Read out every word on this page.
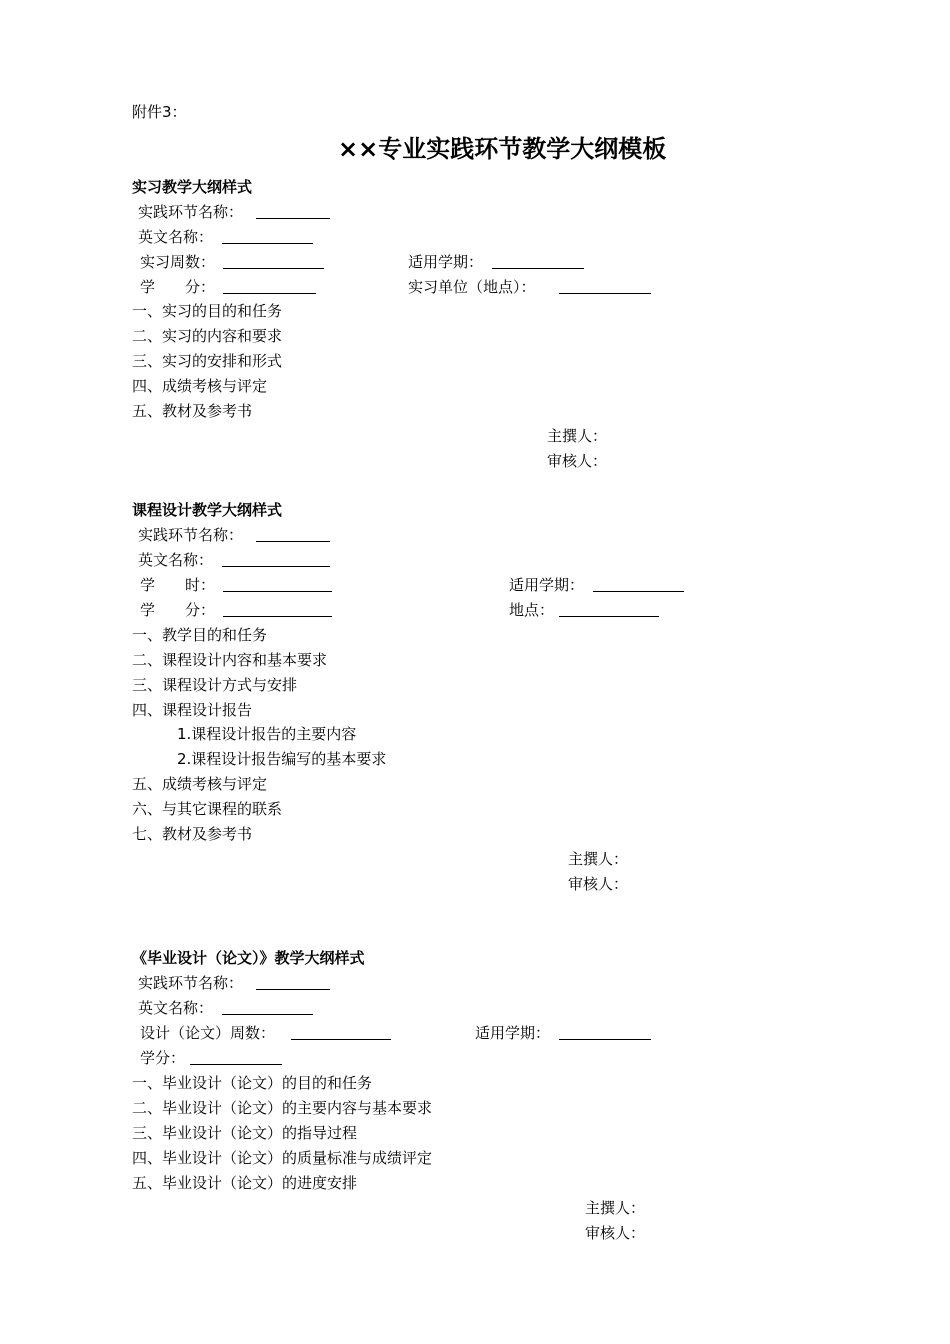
附件3：
××专业实践环节教学大纲模板
实习教学大纲样式
实践环节名称：
英文名称：
实习周数：	适用学期：
学　　分：	实习单位（地点）：
一、实习的目的和任务
二、实习的内容和要求
三、实习的安排和形式
四、成绩考核与评定
五、教材及参考书
主撰人：
审核人：
课程设计教学大纲样式
实践环节名称：
英文名称：
学　　时：	适用学期：
学　　分：	地点：
一、教学目的和任务
二、课程设计内容和基本要求
三、课程设计方式与安排
四、课程设计报告
1.课程设计报告的主要内容
2.课程设计报告编写的基本要求
五、成绩考核与评定
六、与其它课程的联系
七、教材及参考书
主撰人：
审核人：
《毕业设计（论文）》教学大纲样式
实践环节名称：
英文名称：
设计（论文）周数：	适用学期：
学分：
一、毕业设计（论文）的目的和任务
二、毕业设计（论文）的主要内容与基本要求
三、毕业设计（论文）的指导过程
四、毕业设计（论文）的质量标准与成绩评定
五、毕业设计（论文）的进度安排
主撰人：
审核人：
